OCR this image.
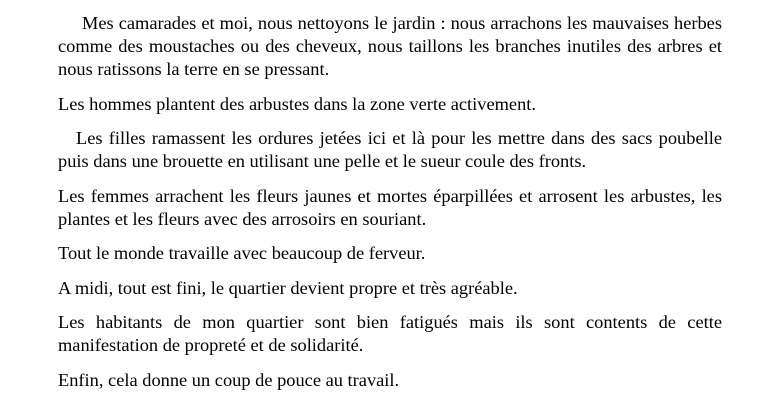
Mes camarades et moi, nous nettoyons le jardin : nous arrachons les mauvaises herbes comme des moustaches ou des cheveux, nous taillons les branches inutiles des arbres et nous ratissons la terre en se pressant.

Les hommes plantent des arbustes dans la zone verte activement.

Les filles ramassent les ordures jetées ici et là pour les mettre dans des sacs poubelle puis dans une brouette en utilisant une pelle et le sueur coule des fronts.

Les femmes arrachent les fleurs jaunes et mortes éparpillées et arrosent les arbustes, les plantes et les fleurs avec des arrosoirs en souriant.

Tout le monde travaille avec beaucoup de ferveur.

A midi, tout est fini, le quartier devient propre et très agréable.

Les habitants de mon quartier sont bien fatigués mais ils sont contents de cette manifestation de propreté et de solidarité.

Enfin, cela donne un coup de pouce au travail.
